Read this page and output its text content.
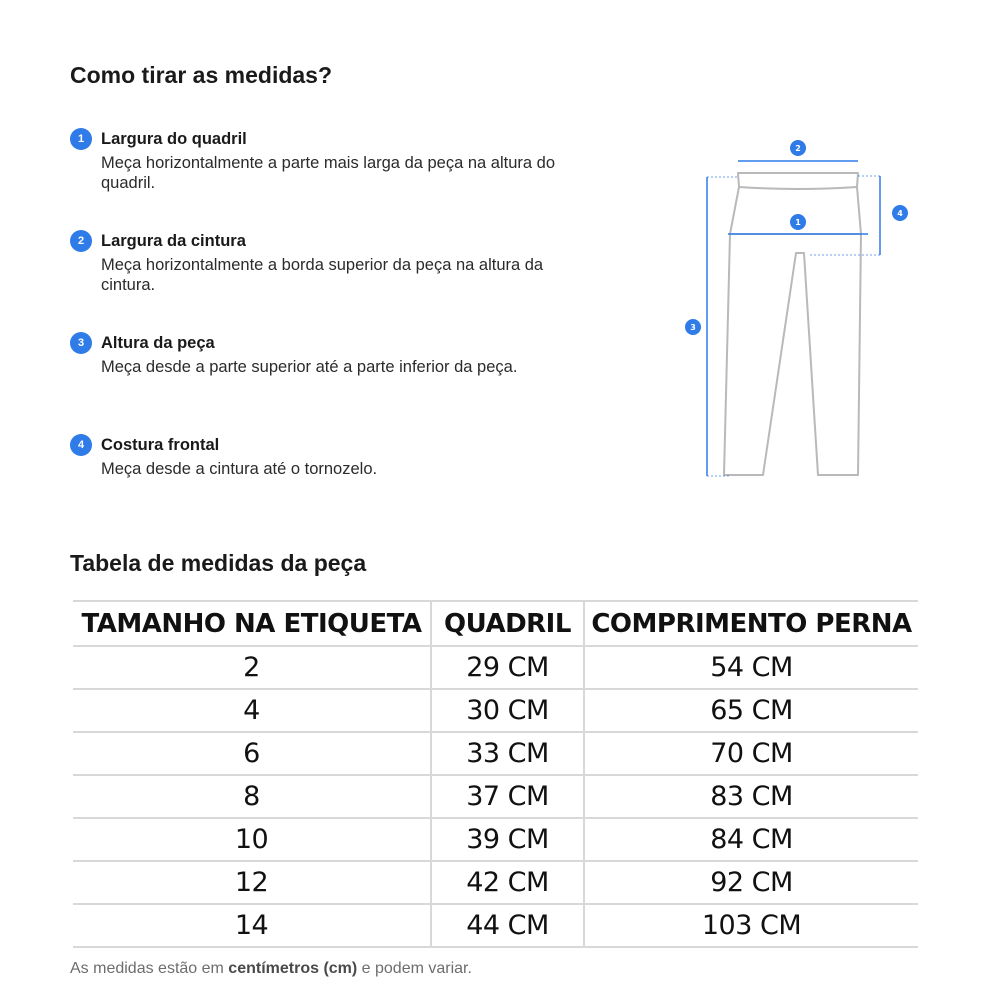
Como tirar as medidas?
1	Largura do quadril
Meça horizontalmente a parte mais larga da peça na altura do quadril.
2	Largura da cintura
Meça horizontalmente a borda superior da peça na altura da cintura.
3	Altura da peça
Meça desde a parte superior até a parte inferior da peça.
4	Costura frontal
Meça desde a cintura até o tornozelo.
1
2
3
4
Tabela de medidas da peça
TAMANHO NA ETIQUETA	QUADRIL	COMPRIMENTO PERNA
2	29 CM	54 CM
4	30 CM	65 CM
6	33 CM	70 CM
8	37 CM	83 CM
10	39 CM	84 CM
12	42 CM	92 CM
14	44 CM	103 CM
As medidas estão em centímetros (cm) e podem variar.
